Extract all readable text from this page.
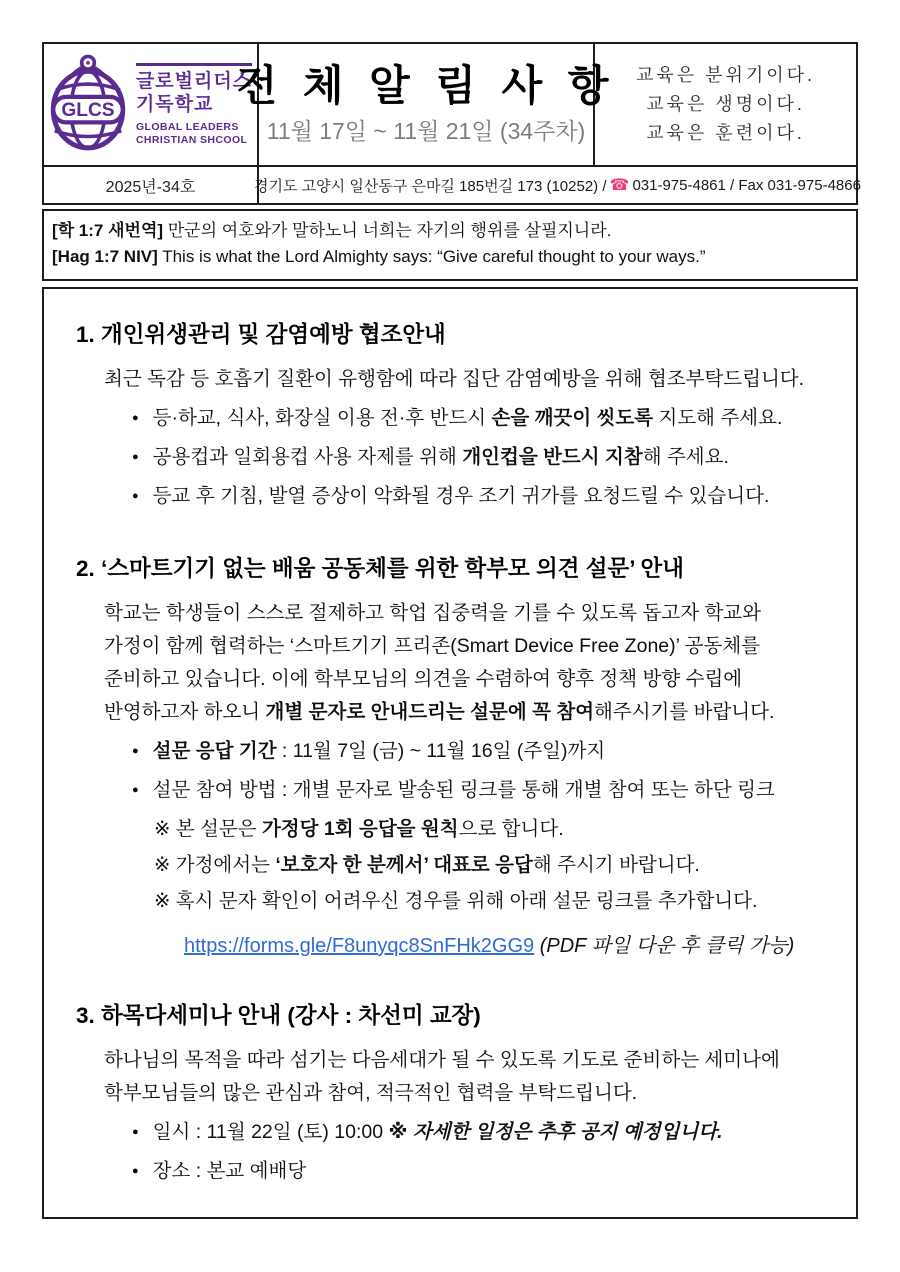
GLCS
글로벌리더스
기독학교
GLOBAL LEADERS
CHRISTIAN SHCOOL
전 체 알 림 사 항
11월 17일 ~ 11월 21일 (34주차)
교육은 분위기이다.
교육은 생명이다.
교육은 훈련이다.
2025년-34호	경기도 고양시 일산동구 은마길 185번길 173 (10252) / ☎ 031-975-4861 / Fax 031-975-4866
[학 1:7 새번역] 만군의 여호와가 말하노니 너희는 자기의 행위를 살필지니라.
[Hag 1:7 NIV] This is what the Lord Almighty says: “Give careful thought to your ways.”
1. 개인위생관리 및 감염예방 협조안내
최근 독감 등 호흡기 질환이 유행함에 따라 집단 감염예방을 위해 협조부탁드립니다.
● 등·하교, 식사, 화장실 이용 전·후 반드시 손을 깨끗이 씻도록 지도해 주세요.
● 공용컵과 일회용컵 사용 자제를 위해 개인컵을 반드시 지참해 주세요.
● 등교 후 기침, 발열 증상이 악화될 경우 조기 귀가를 요청드릴 수 있습니다.
2. ‘스마트기기 없는 배움 공동체를 위한 학부모 의견 설문’ 안내
학교는 학생들이 스스로 절제하고 학업 집중력을 기를 수 있도록 돕고자 학교와
가정이 함께 협력하는 ‘스마트기기 프리존(Smart Device Free Zone)’ 공동체를
준비하고 있습니다. 이에 학부모님의 의견을 수렴하여 향후 정책 방향 수립에
반영하고자 하오니 개별 문자로 안내드리는 설문에 꼭 참여해주시기를 바랍니다.
● 설문 응답 기간 : 11월 7일 (금) ~ 11월 16일 (주일)까지
● 설문 참여 방법 : 개별 문자로 발송된 링크를 통해 개별 참여 또는 하단 링크
※ 본 설문은 가정당 1회 응답을 원칙으로 합니다.
※ 가정에서는 ‘보호자 한 분께서’ 대표로 응답해 주시기 바랍니다.
※ 혹시 문자 확인이 어려우신 경우를 위해 아래 설문 링크를 추가합니다.
https://forms.gle/F8unyqc8SnFHk2GG9 (PDF 파일 다운 후 클릭 가능)
3. 하목다세미나 안내 (강사 : 차선미 교장)
하나님의 목적을 따라 섬기는 다음세대가 될 수 있도록 기도로 준비하는 세미나에
학부모님들의 많은 관심과 참여, 적극적인 협력을 부탁드립니다.
● 일시 : 11월 22일 (토) 10:00 ※ 자세한 일정은 추후 공지 예정입니다.
● 장소 : 본교 예배당
